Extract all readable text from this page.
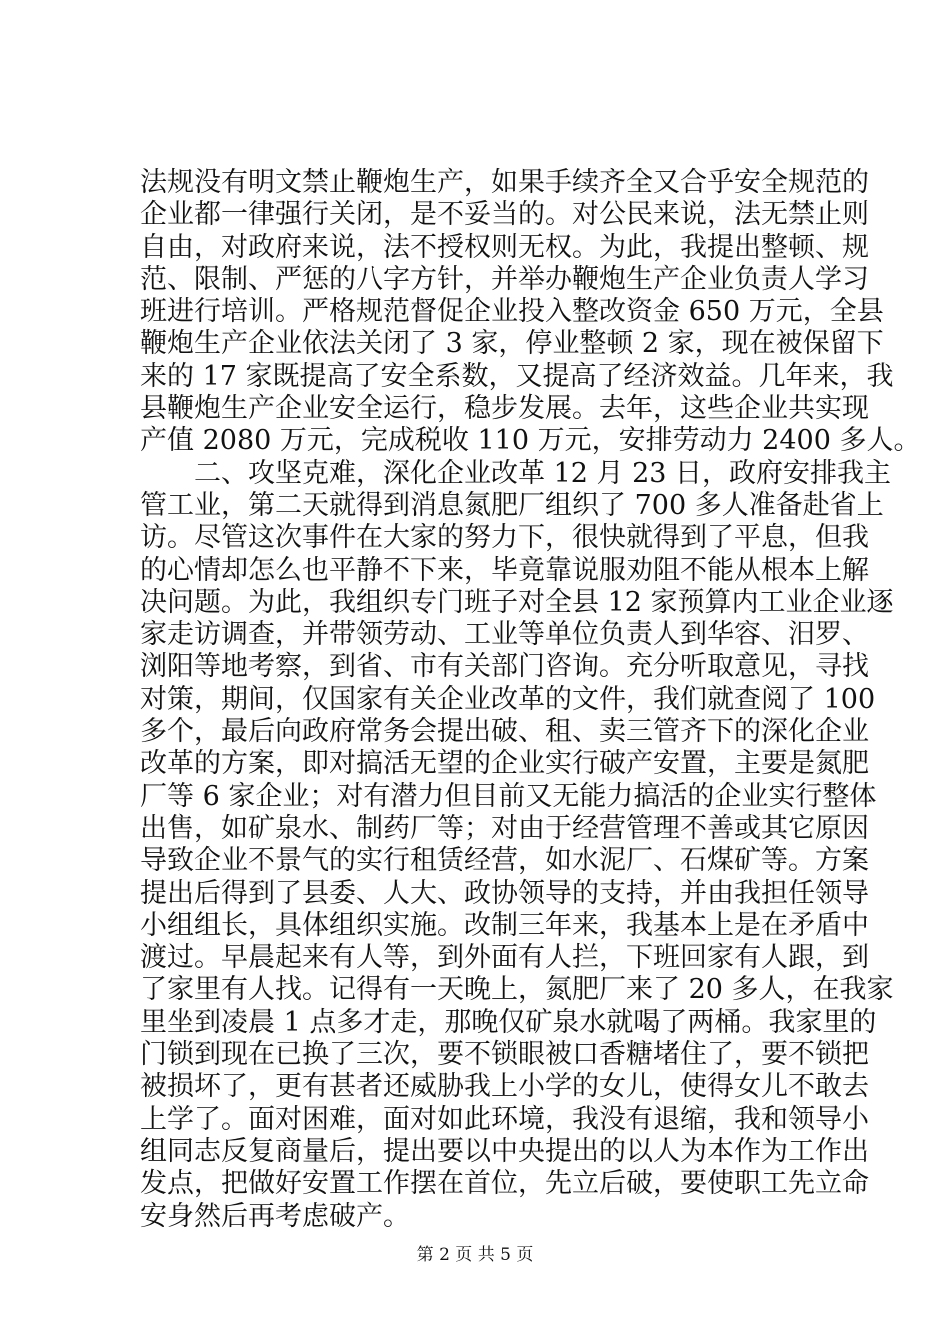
法规没有明文禁止鞭炮生产，如果手续齐全又合乎安全规范的
企业都一律强行关闭，是不妥当的。对公民来说，法无禁止则
自由，对政府来说，法不授权则无权。为此，我提出整顿、规
范、限制、严惩的八字方针，并举办鞭炮生产企业负责人学习
班进行培训。严格规范督促企业投入整改资金 650 万元，全县
鞭炮生产企业依法关闭了 3 家，停业整顿 2 家，现在被保留下
来的 17 家既提高了安全系数，又提高了经济效益。几年来，我
县鞭炮生产企业安全运行，稳步发展。去年，这些企业共实现
产值 2080 万元，完成税收 110 万元，安排劳动力 2400 多人。
　　二、攻坚克难，深化企业改革 12 月 23 日，政府安排我主
管工业，第二天就得到消息氮肥厂组织了 700 多人准备赴省上
访。尽管这次事件在大家的努力下，很快就得到了平息，但我
的心情却怎么也平静不下来，毕竟靠说服劝阻不能从根本上解
决问题。为此，我组织专门班子对全县 12 家预算内工业企业逐
家走访调查，并带领劳动、工业等单位负责人到华容、汨罗、
浏阳等地考察，到省、市有关部门咨询。充分听取意见，寻找
对策，期间，仅国家有关企业改革的文件，我们就查阅了 100
多个，最后向政府常务会提出破、租、卖三管齐下的深化企业
改革的方案，即对搞活无望的企业实行破产安置，主要是氮肥
厂等 6 家企业；对有潜力但目前又无能力搞活的企业实行整体
出售，如矿泉水、制药厂等；对由于经营管理不善或其它原因
导致企业不景气的实行租赁经营，如水泥厂、石煤矿等。方案
提出后得到了县委、人大、政协领导的支持，并由我担任领导
小组组长，具体组织实施。改制三年来，我基本上是在矛盾中
渡过。早晨起来有人等，到外面有人拦，下班回家有人跟，到
了家里有人找。记得有一天晚上，氮肥厂来了 20 多人，在我家
里坐到凌晨 1 点多才走，那晚仅矿泉水就喝了两桶。我家里的
门锁到现在已换了三次，要不锁眼被口香糖堵住了，要不锁把
被损坏了，更有甚者还威胁我上小学的女儿，使得女儿不敢去
上学了。面对困难，面对如此环境，我没有退缩，我和领导小
组同志反复商量后，提出要以中央提出的以人为本作为工作出
发点，把做好安置工作摆在首位，先立后破，要使职工先立命
安身然后再考虑破产。
第 2 页 共 5 页
